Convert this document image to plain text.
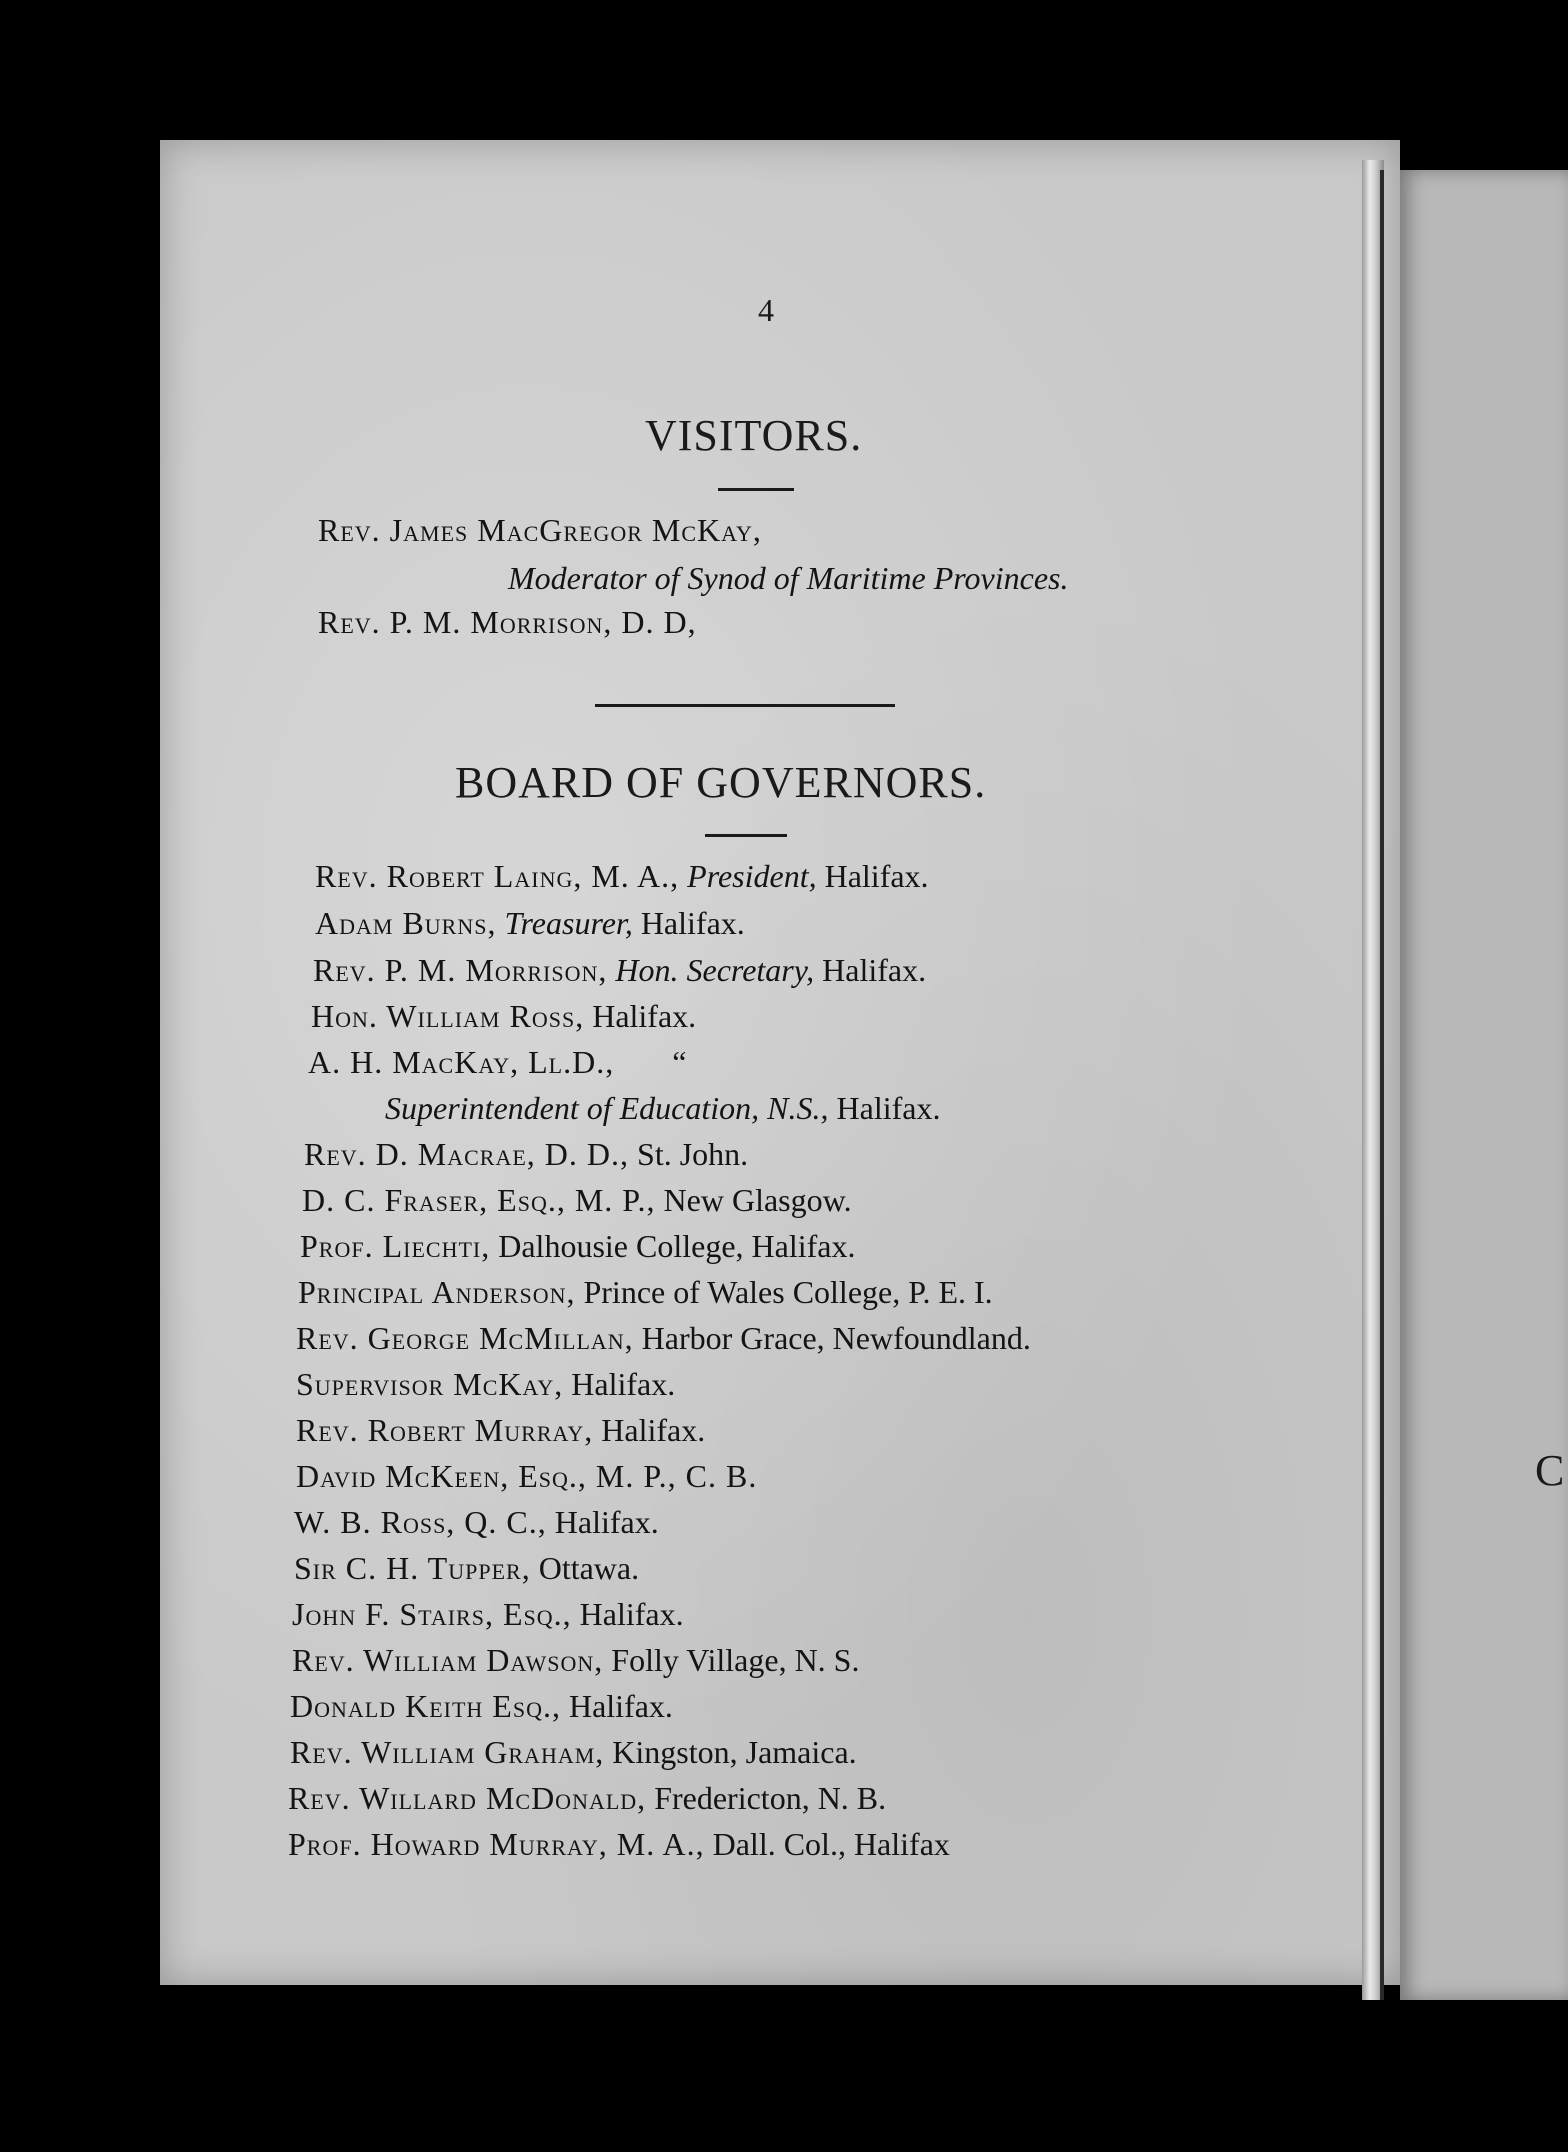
C
4
VISITORS.
Rev. James MacGregor McKay,
Moderator of Synod of Maritime Provinces.
Rev. P. M. Morrison, D. D,
BOARD OF GOVERNORS.
Rev. Robert Laing, M. A., President, Halifax.
Adam Burns, Treasurer, Halifax.
Rev. P. M. Morrison, Hon. Secretary, Halifax.
Hon. William Ross, Halifax.
A. H. MacKay, Ll.D., “
Superintendent of Education, N.S., Halifax.
Rev. D. Macrae, D. D., St. John.
D. C. Fraser, Esq., M. P., New Glasgow.
Prof. Liechti, Dalhousie College, Halifax.
Principal Anderson, Prince of Wales College, P. E. I.
Rev. George McMillan, Harbor Grace, Newfoundland.
Supervisor McKay, Halifax.
Rev. Robert Murray, Halifax.
David McKeen, Esq., M. P., C. B.
W. B. Ross, Q. C., Halifax.
Sir C. H. Tupper, Ottawa.
John F. Stairs, Esq., Halifax.
Rev. William Dawson, Folly Village, N. S.
Donald Keith Esq., Halifax.
Rev. William Graham, Kingston, Jamaica.
Rev. Willard McDonald, Fredericton, N. B.
Prof. Howard Murray, M. A., Dall. Col., Halifax
